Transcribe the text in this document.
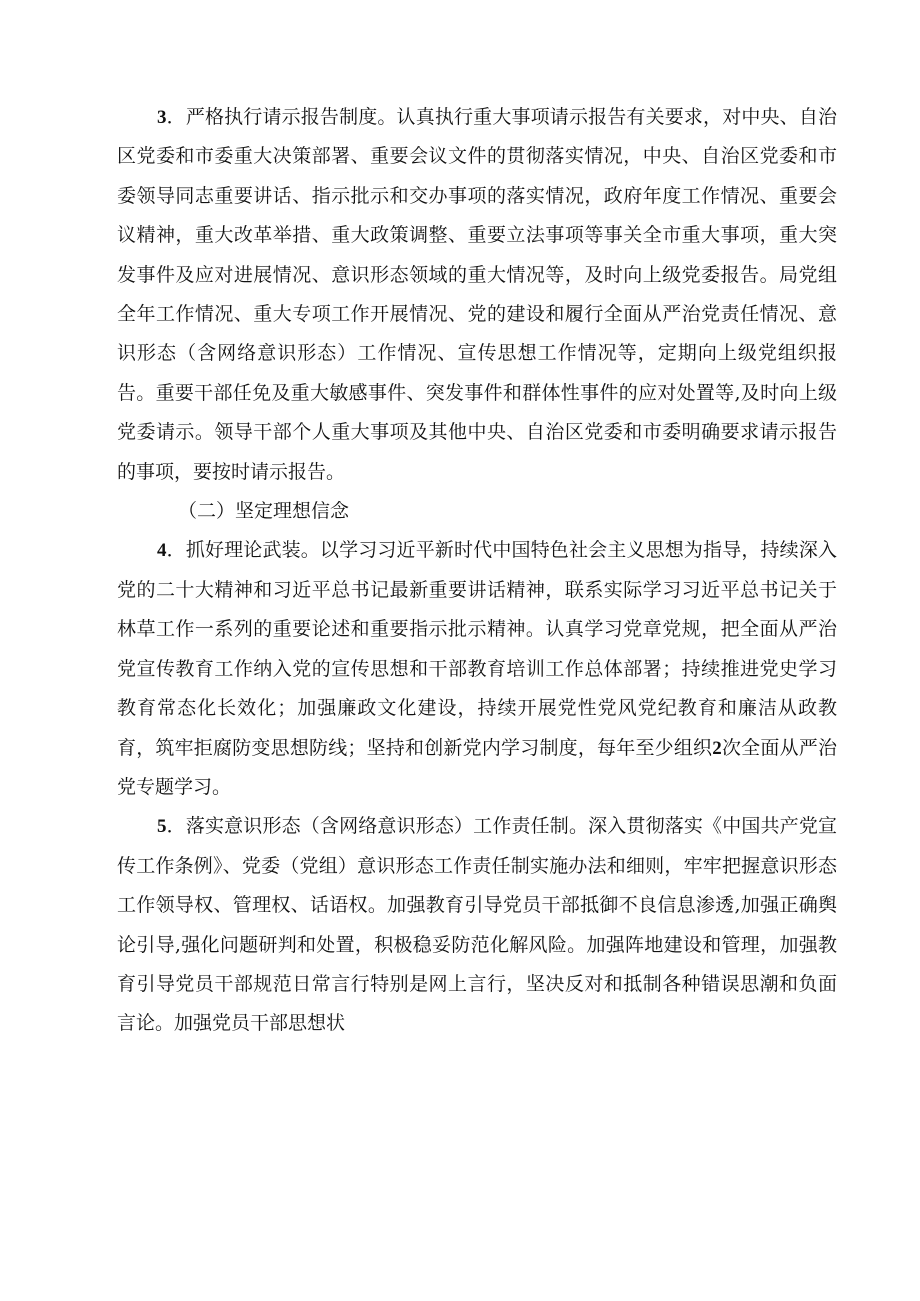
3．严格执行请示报告制度。认真执行重大事项请示报告有关要求，对中央、自治区党委和市委重大决策部署、重要会议文件的贯彻落实情况，中央、自治区党委和市委领导同志重要讲话、指示批示和交办事项的落实情况，政府年度工作情况、重要会议精神，重大改革举措、重大政策调整、重要立法事项等事关全市重大事项，重大突发事件及应对进展情况、意识形态领域的重大情况等，及时向上级党委报告。局党组全年工作情况、重大专项工作开展情况、党的建设和履行全面从严治党责任情况、意识形态（含网络意识形态）工作情况、宣传思想工作情况等，定期向上级党组织报告。重要干部任免及重大敏感事件、突发事件和群体性事件的应对处置等,及时向上级党委请示。领导干部个人重大事项及其他中央、自治区党委和市委明确要求请示报告的事项，要按时请示报告。

（二）坚定理想信念

4．抓好理论武装。以学习习近平新时代中国特色社会主义思想为指导，持续深入党的二十大精神和习近平总书记最新重要讲话精神，联系实际学习习近平总书记关于林草工作一系列的重要论述和重要指示批示精神。认真学习党章党规，把全面从严治党宣传教育工作纳入党的宣传思想和干部教育培训工作总体部署；持续推进党史学习教育常态化长效化；加强廉政文化建设，持续开展党性党风党纪教育和廉洁从政教育，筑牢拒腐防变思想防线；坚持和创新党内学习制度，每年至少组织2次全面从严治党专题学习。

5．落实意识形态（含网络意识形态）工作责任制。深入贯彻落实《中国共产党宣传工作条例》、党委（党组）意识形态工作责任制实施办法和细则，牢牢把握意识形态工作领导权、管理权、话语权。加强教育引导党员干部抵御不良信息渗透,加强正确舆论引导,强化问题研判和处置，积极稳妥防范化解风险。加强阵地建设和管理，加强教育引导党员干部规范日常言行特别是网上言行，坚决反对和抵制各种错误思潮和负面言论。加强党员干部思想状
